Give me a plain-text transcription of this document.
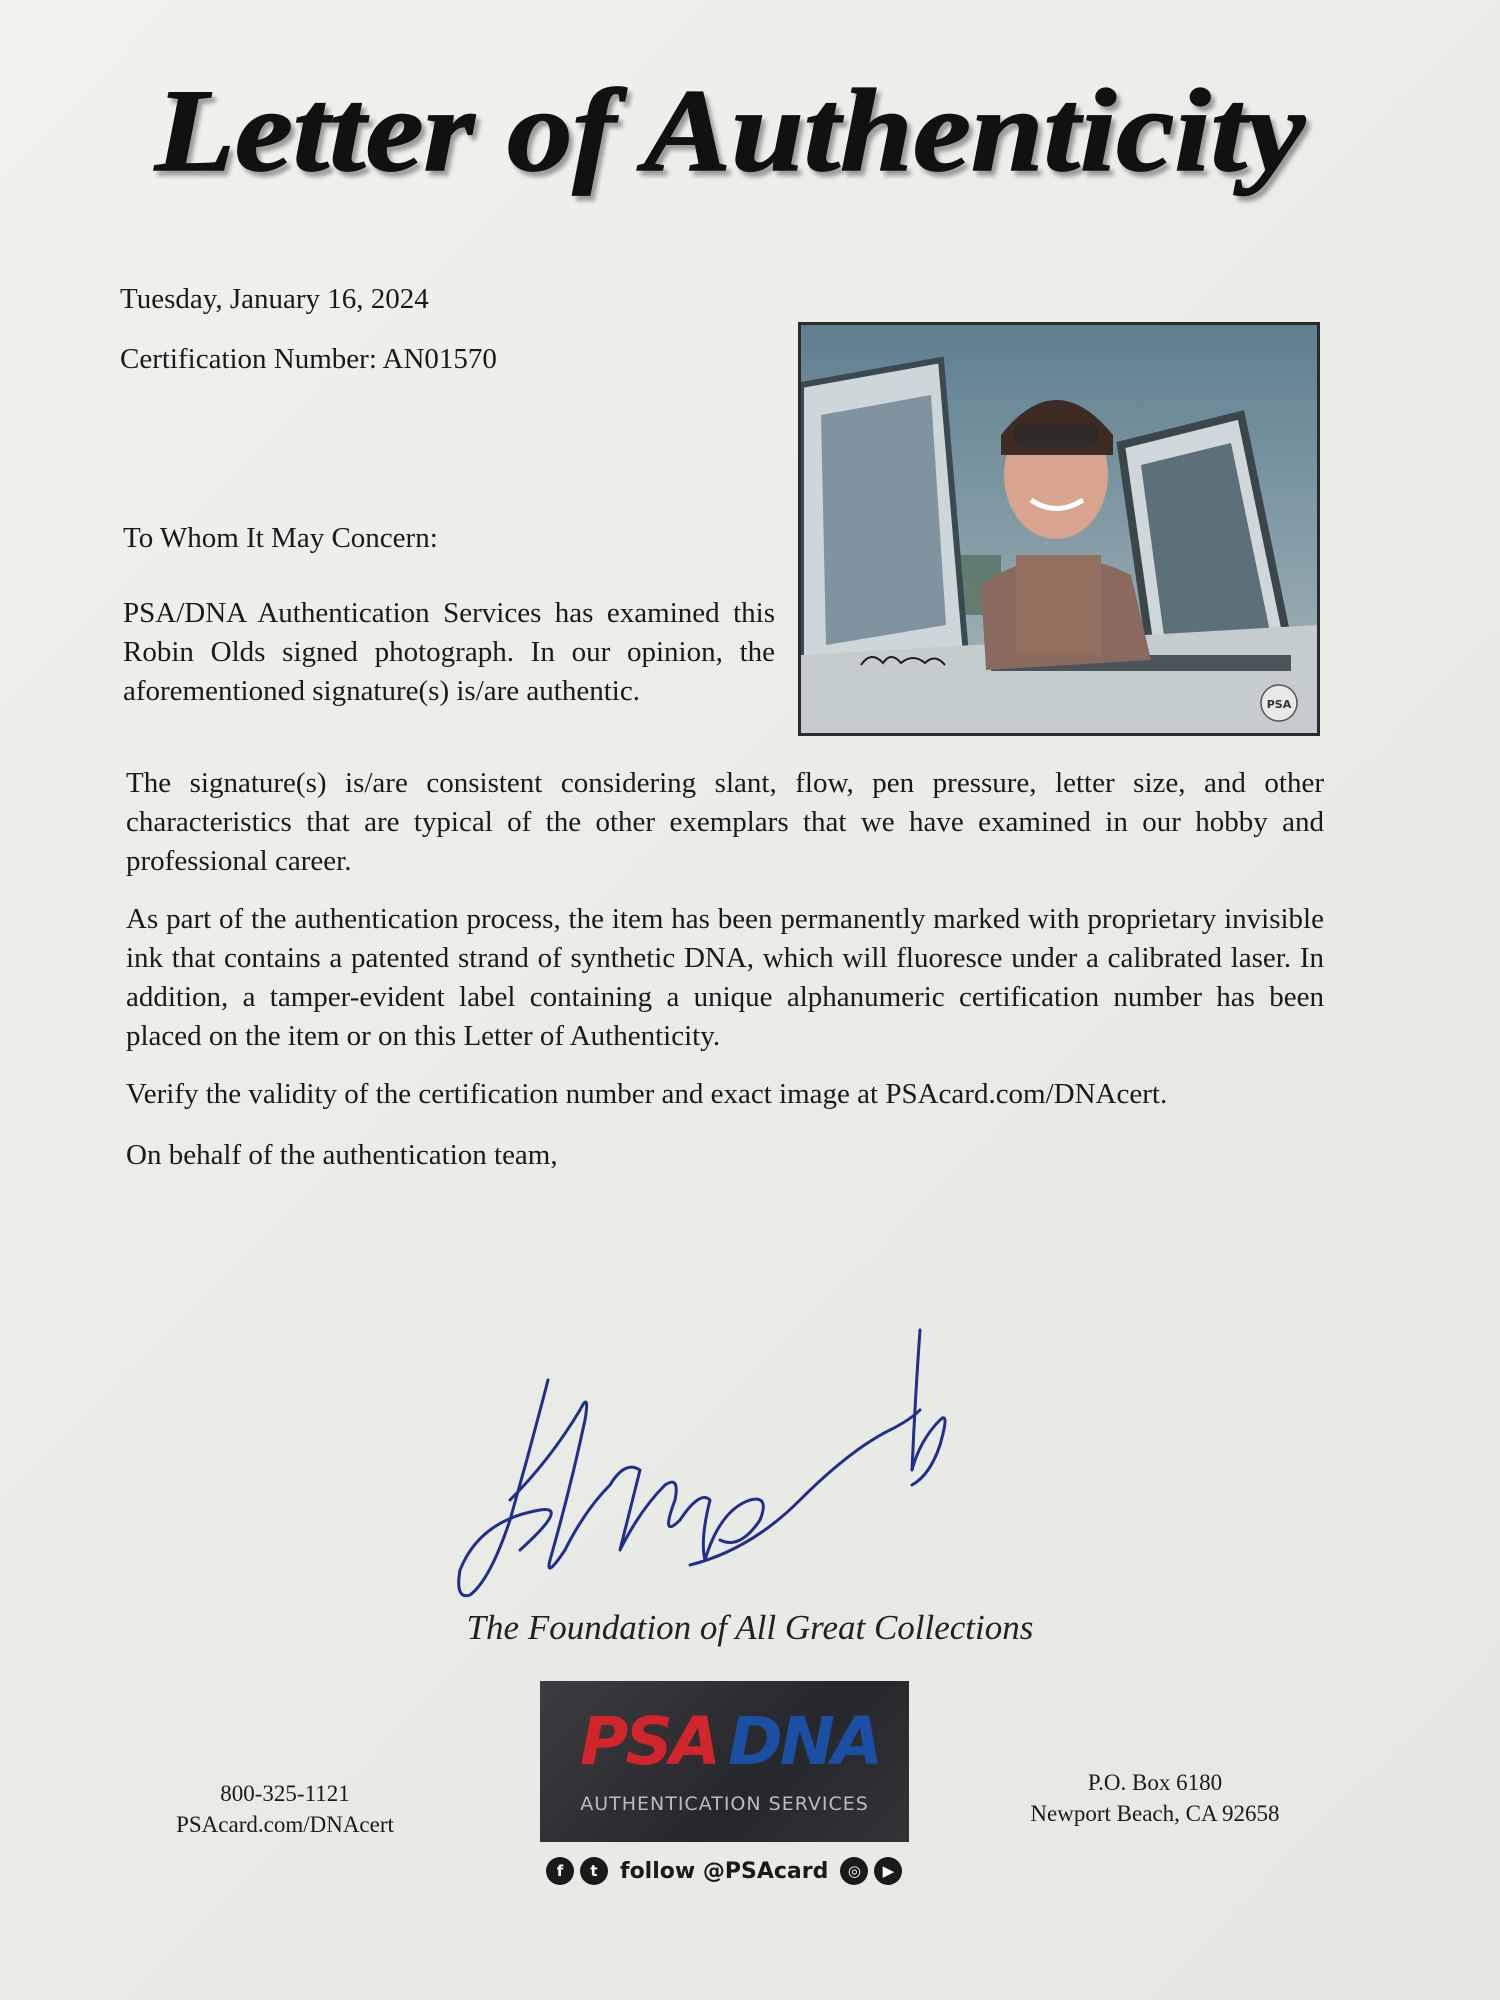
Letter of Authenticity
Tuesday, January 16, 2024
Certification Number: AN01570
PSA
To Whom It May Concern:
PSA/DNA Authentication Services has examined this Robin Olds signed photograph. In our opinion, the aforementioned signature(s) is/are authentic.
The signature(s) is/are consistent considering slant, flow, pen pressure, letter size, and other characteristics that are typical of the other exemplars that we have examined in our hobby and professional career.
As part of the authentication process, the item has been permanently marked with proprietary invisible ink that contains a patented strand of synthetic DNA, which will fluoresce under a calibrated laser. In addition, a tamper-evident label containing a unique alphanumeric certification number has been placed on the item or on this Letter of Authenticity.
Verify the validity of the certification number and exact image at PSAcard.com/DNAcert.
On behalf of the authentication team,
The Foundation of All Great Collections
800-325-1121
PSAcard.com/DNAcert
PSA DNA
AUTHENTICATION SERVICES
P.O. Box 6180
Newport Beach, CA 92658
f	t	follow @PSAcard	◎	▶
